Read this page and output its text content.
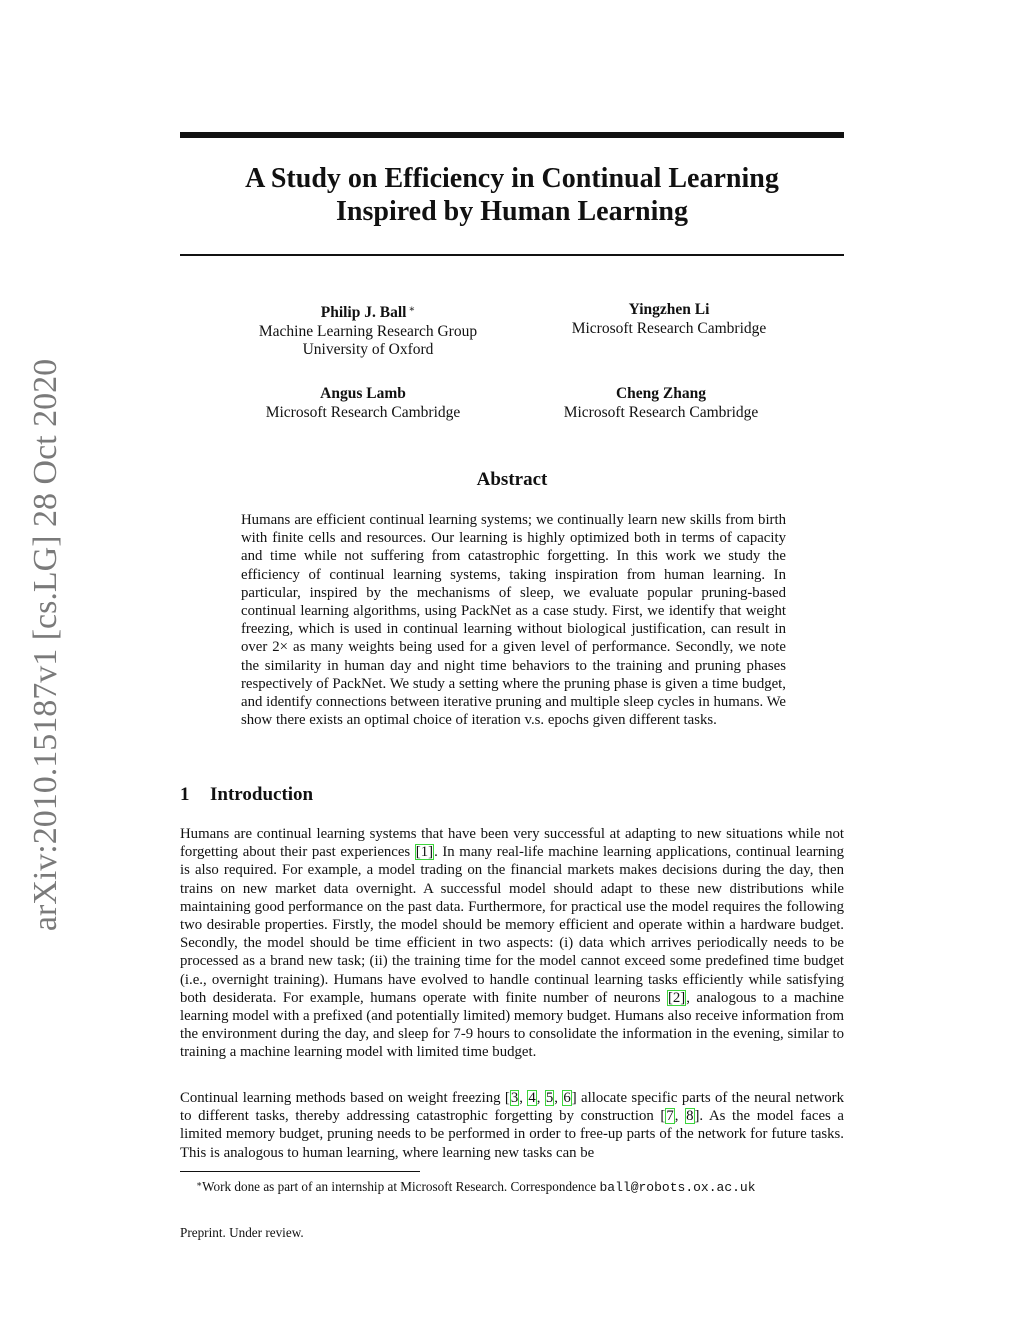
arXiv:2010.15187v1 [cs.LG] 28 Oct 2020
A Study on Efficiency in Continual Learning
Inspired by Human Learning
Philip J. Ball ∗
Machine Learning Research Group
University of Oxford
Yingzhen Li
Microsoft Research Cambridge
Angus Lamb
Microsoft Research Cambridge
Cheng Zhang
Microsoft Research Cambridge
Abstract

Humans are efficient continual learning systems; we continually learn new skills from birth with finite cells and resources. Our learning is highly optimized both in terms of capacity and time while not suffering from catastrophic forgetting. In this work we study the efficiency of continual learning systems, taking inspiration from human learning. In particular, inspired by the mechanisms of sleep, we evaluate popular pruning-based continual learning algorithms, using PackNet as a case study. First, we identify that weight freezing, which is used in continual learning without biological justification, can result in over 2× as many weights being used for a given level of performance. Secondly, we note the similarity in human day and night time behaviors to the training and pruning phases respectively of PackNet. We study a setting where the pruning phase is given a time budget, and identify connections between iterative pruning and multiple sleep cycles in humans. We show there exists an optimal choice of iteration v.s. epochs given different tasks.

1 Introduction

Humans are continual learning systems that have been very successful at adapting to new situations while not forgetting about their past experiences [1]. In many real-life machine learning applications, continual learning is also required. For example, a model trading on the financial markets makes decisions during the day, then trains on new market data overnight. A successful model should adapt to these new distributions while maintaining good performance on the past data. Furthermore, for practical use the model requires the following two desirable properties. Firstly, the model should be memory efficient and operate within a hardware budget. Secondly, the model should be time efficient in two aspects: (i) data which arrives periodically needs to be processed as a brand new task; (ii) the training time for the model cannot exceed some predefined time budget (i.e., overnight training). Humans have evolved to handle continual learning tasks efficiently while satisfying both desiderata. For example, humans operate with finite number of neurons [2], analogous to a machine learning model with a prefixed (and potentially limited) memory budget. Humans also receive information from the environment during the day, and sleep for 7-9 hours to consolidate the information in the evening, similar to training a machine learning model with limited time budget.

Continual learning methods based on weight freezing [3, 4, 5, 6] allocate specific parts of the neural network to different tasks, thereby addressing catastrophic forgetting by construction [7, 8]. As the model faces a limited memory budget, pruning needs to be performed in order to free-up parts of the network for future tasks. This is analogous to human learning, where learning new tasks can be

∗Work done as part of an internship at Microsoft Research. Correspondence ball@robots.ox.ac.uk
Preprint. Under review.
